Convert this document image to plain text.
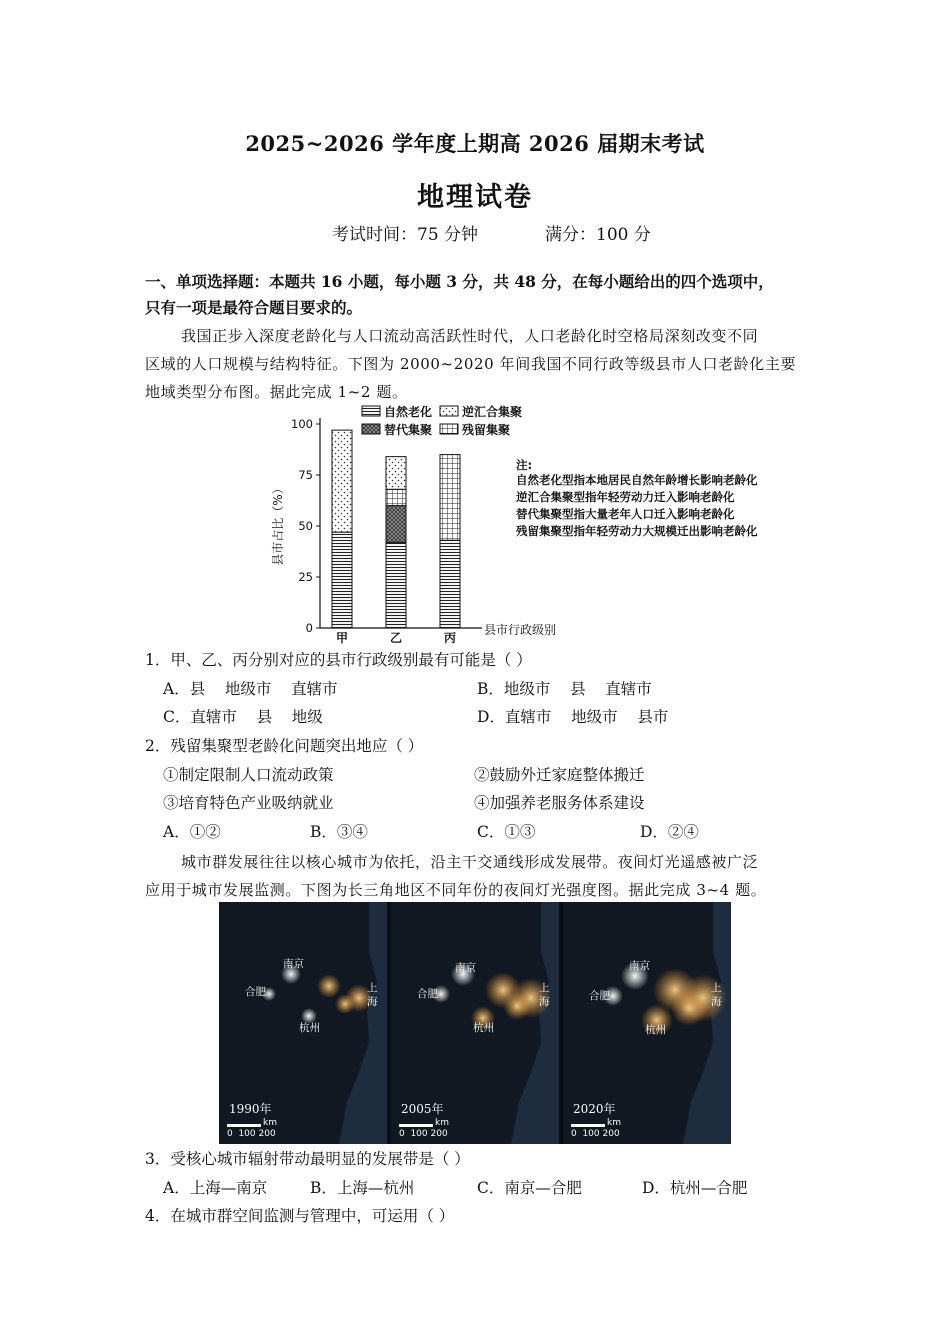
2025~2026 学年度上期高 2026 届期末考试
地理试卷
考试时间：75 分钟	满分：100 分
一、单项选择题：本题共 16 小题，每小题 3 分，共 48 分，在每小题给出的四个选项中，
只有一项是最符合题目要求的。
我国正步入深度老龄化与人口流动高活跃性时代，人口老龄化时空格局深刻改变不同
区域的人口规模与结构特征。下图为 2000~2020 年间我国不同行政等级县市人口老龄化主要
地域类型分布图。据此完成 1~2 题。
自然老化 逆汇合集聚
替代集聚 残留集聚
0
25
50
75
100
甲	乙	丙
县市占比（%）
县市行政级别
注:
自然老化型指本地居民自然年龄增长影响老龄化
逆汇合集聚型指年轻劳动力迁入影响老龄化
替代集聚型指大量老年人口迁入影响老龄化
残留集聚型指年轻劳动力大规模迁出影响老龄化
1．甲、乙、丙分别对应的县市行政级别最有可能是（ ）
A．县    地级市    直辖市	B．地级市    县    直辖市
C．直辖市    县    地级	D．直辖市    地级市    县市
2．残留集聚型老龄化问题突出地应（ ）
①制定限制人口流动政策	②鼓励外迁家庭整体搬迁
③培育特色产业吸纳就业	④加强养老服务体系建设
A．①②	B．③④	C．①③	D．②④
城市群发展往往以核心城市为依托，沿主干交通线形成发展带。夜间灯光遥感被广泛
应用于城市发展监测。下图为长三角地区不同年份的夜间灯光强度图。据此完成 3~4 题。
南京
合肥	上
海
杭州
1990年
km
0  100 200
南京
合肥	上
海
杭州
2005年
km
0  100 200
南京
合肥
上
海
杭州
2020年
km
0  100 200
3．受核心城市辐射带动最明显的发展带是（ ）
A．上海—南京	B．上海—杭州	C．南京—合肥	D．杭州—合肥
4．在城市群空间监测与管理中，可运用（ ）
